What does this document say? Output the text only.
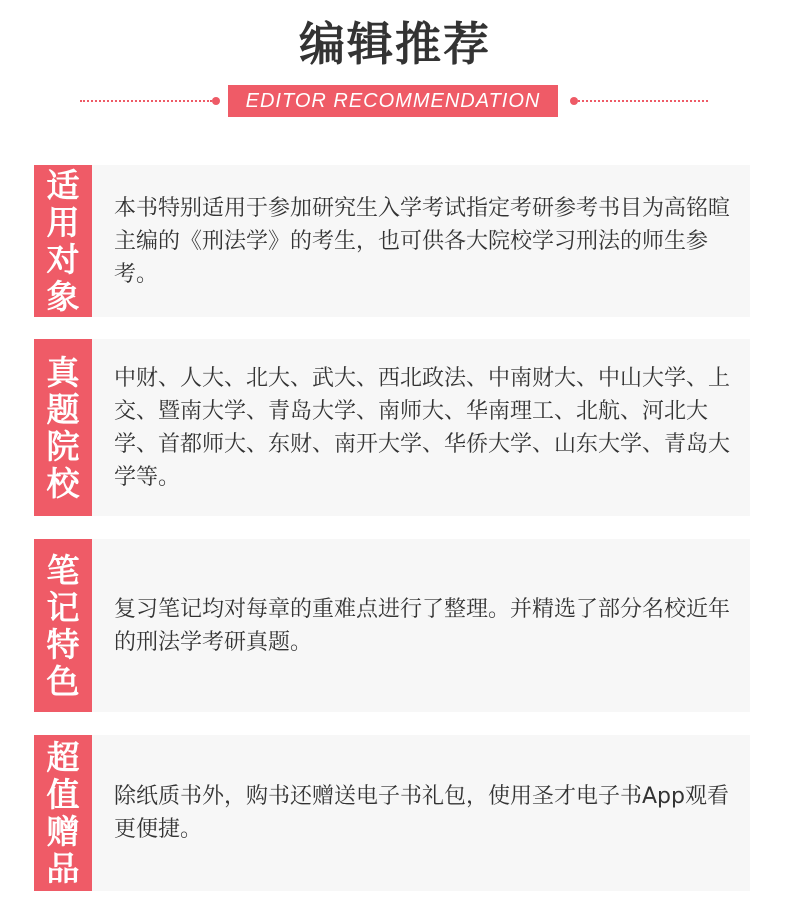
编辑推荐
EDITOR RECOMMENDATION
适
用
对
象
本书特别适用于参加研究生入学考试指定考研参考书目为高铭暄主编的《刑法学》的考生，也可供各大院校学习刑法的师生参考。
真
题
院
校
中财、人大、北大、武大、西北政法、中南财大、中山大学、上交、暨南大学、青岛大学、南师大、华南理工、北航、河北大学、首都师大、东财、南开大学、华侨大学、山东大学、青岛大学等。
笔
记
特
色
复习笔记均对每章的重难点进行了整理。并精选了部分名校近年的刑法学考研真题。
超
值
赠
品
除纸质书外，购书还赠送电子书礼包，使用圣才电子书App观看更便捷。
